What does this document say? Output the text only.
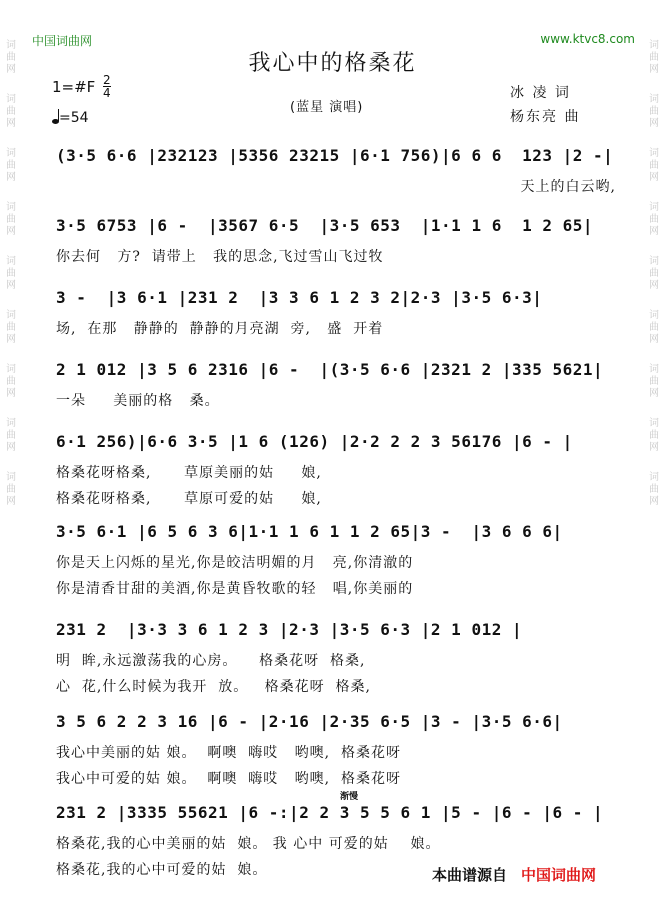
词曲网
词曲网
词曲网
词曲网
词曲网
词曲网
词曲网
词曲网
词曲网
词曲网
词曲网
词曲网
词曲网
词曲网
词曲网
词曲网
词曲网
词曲网
中国词曲网	www.ktvc8.com
我心中的格桑花
1=#F 2
4
=54
(蓝星 演唱)
冰 凌 词
杨东亮 曲
(3·5 6·6 |232123 |5356 23215 |6·1 756)|6 6 6  123 |2 -|
天上的白云哟,
3·5 6753 |6 -  |3567 6·5  |3·5 653  |1·1 1 6  1 2 65|
你去何   方?  请带上   我的思念,飞过雪山飞过牧
3 -  |3 6·1 |231 2  |3 3 6 1 2 3 2|2·3 |3·5 6·3|
场,  在那   静静的  静静的月亮湖  旁,   盛  开着
2 1 012 |3 5 6 2316 |6 -  |(3·5 6·6 |2321 2 |335 5621|
一朵     美丽的格   桑。
6·1 256)|6·6 3·5 |1 6 (126) |2·2 2 2 3 56176 |6 - |
格桑花呀格桑,      草原美丽的姑     娘,
格桑花呀格桑,      草原可爱的姑     娘,
3·5 6·1 |6 5 6 3 6|1·1 1 6 1 1 2 65|3 -  |3 6 6 6|
你是天上闪烁的星光,你是皎洁明媚的月   亮,你清澈的
你是清香甘甜的美酒,你是黄昏牧歌的轻   唱,你美丽的
231 2  |3·3 3 6 1 2 3 |2·3 |3·5 6·3 |2 1 012 |
明  眸,永远激荡我的心房。    格桑花呀  格桑,
心  花,什么时候为我开  放。   格桑花呀  格桑,
3 5 6 2 2 3 16 |6 - |2·16 |2·35 6·5 |3 - |3·5 6·6|
我心中美丽的姑 娘。  啊噢  嗨哎   哟噢,  格桑花呀
我心中可爱的姑 娘。  啊噢  嗨哎   哟噢,  格桑花呀
231 2 |3335 55621 |6 -:|2 2 3 5 5 6 1 |5 - |6 - |6 - |
格桑花,我的心中美丽的姑  娘。 我 心中 可爱的姑    娘。
格桑花,我的心中可爱的姑  娘。
渐慢
本曲谱源自 中国词曲网
